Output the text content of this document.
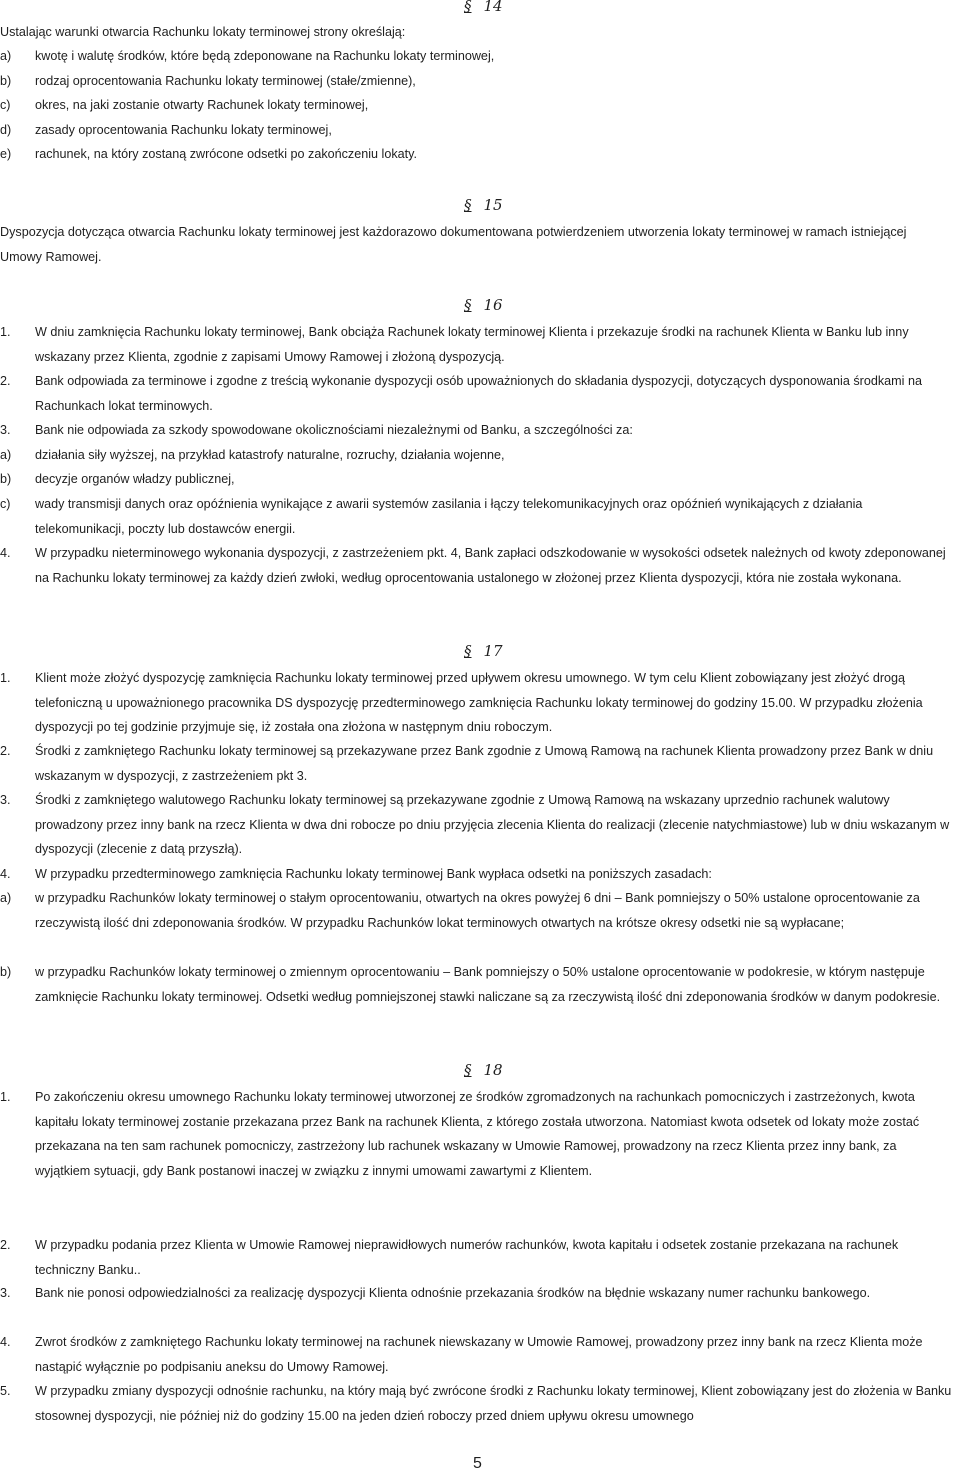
§ 14
Ustalając warunki otwarcia Rachunku lokaty terminowej strony określają:
a)	kwotę i walutę środków, które będą zdeponowane na Rachunku lokaty terminowej,
b)	rodzaj oprocentowania Rachunku lokaty terminowej (stałe/zmienne),
c)	okres, na jaki zostanie otwarty Rachunek lokaty terminowej,
d)	zasady oprocentowania Rachunku lokaty terminowej,
e)	rachunek, na który zostaną zwrócone odsetki po zakończeniu lokaty.
§ 15
Dyspozycja dotycząca otwarcia Rachunku lokaty terminowej jest każdorazowo dokumentowana potwierdzeniem utworzenia lokaty terminowej w ramach istniejącej Umowy Ramowej.
§ 16
1.	W dniu zamknięcia Rachunku lokaty terminowej, Bank obciąża Rachunek lokaty terminowej Klienta i przekazuje środki na rachunek Klienta w Banku lub inny wskazany przez Klienta, zgodnie z zapisami Umowy Ramowej i złożoną dyspozycją.
2.	Bank odpowiada za terminowe i zgodne z treścią wykonanie dyspozycji osób upoważnionych do składania dyspozycji, dotyczących dysponowania środkami na Rachunkach lokat terminowych.
3.	Bank nie odpowiada za szkody spowodowane okolicznościami niezależnymi od Banku, a szczególności za:
a)	działania siły wyższej, na przykład katastrofy naturalne, rozruchy, działania wojenne,
b)	decyzje organów władzy publicznej,
c)	wady transmisji danych oraz opóźnienia wynikające z awarii systemów zasilania i łączy telekomunikacyjnych oraz opóźnień wynikających z działania telekomunikacji, poczty lub dostawców energii.
4.	W przypadku nieterminowego wykonania dyspozycji, z zastrzeżeniem pkt. 4, Bank zapłaci odszkodowanie w wysokości odsetek należnych od kwoty zdeponowanej na Rachunku lokaty terminowej za każdy dzień zwłoki, według oprocentowania ustalonego w złożonej przez Klienta dyspozycji, która nie została wykonana.
§ 17
1.	Klient może złożyć dyspozycję zamknięcia Rachunku lokaty terminowej przed upływem okresu umownego. W tym celu Klient zobowiązany jest złożyć drogą telefoniczną u upoważnionego pracownika DS dyspozycję przedterminowego zamknięcia Rachunku lokaty terminowej do godziny 15.00. W przypadku złożenia dyspozycji po tej godzinie przyjmuje się, iż została ona złożona w następnym dniu roboczym.
2.	Środki z zamkniętego Rachunku lokaty terminowej są przekazywane przez Bank zgodnie z Umową Ramową na rachunek Klienta prowadzony przez Bank w dniu wskazanym w dyspozycji, z zastrzeżeniem pkt 3.
3.	Środki z zamkniętego walutowego Rachunku lokaty terminowej są przekazywane zgodnie z Umową Ramową na wskazany uprzednio rachunek walutowy prowadzony przez inny bank na rzecz Klienta w dwa dni robocze po dniu przyjęcia zlecenia Klienta do realizacji (zlecenie natychmiastowe) lub w dniu wskazanym w dyspozycji (zlecenie z datą przyszłą).
4.	W przypadku przedterminowego zamknięcia Rachunku lokaty terminowej Bank wypłaca odsetki na poniższych zasadach:
a)	w przypadku Rachunków lokaty terminowej o stałym oprocentowaniu, otwartych na okres powyżej 6 dni – Bank pomniejszy o 50% ustalone oprocentowanie za rzeczywistą ilość dni zdeponowania środków. W przypadku Rachunków lokat terminowych otwartych na krótsze okresy odsetki nie są wypłacane;
b)	w przypadku Rachunków lokaty terminowej o zmiennym oprocentowaniu – Bank pomniejszy o 50% ustalone oprocentowanie w podokresie, w którym następuje zamknięcie Rachunku lokaty terminowej. Odsetki według pomniejszonej stawki naliczane są za rzeczywistą ilość dni zdeponowania środków w danym podokresie.
§ 18
1.	Po zakończeniu okresu umownego Rachunku lokaty terminowej utworzonej ze środków zgromadzonych na rachunkach pomocniczych i zastrzeżonych, kwota kapitału lokaty terminowej zostanie przekazana przez Bank na rachunek Klienta, z którego została utworzona. Natomiast kwota odsetek od lokaty może zostać przekazana na ten sam rachunek pomocniczy, zastrzeżony lub rachunek wskazany w Umowie Ramowej, prowadzony na rzecz Klienta przez inny bank, za wyjątkiem sytuacji, gdy Bank postanowi inaczej w związku z innymi umowami zawartymi z Klientem.
2.	W przypadku podania przez Klienta w Umowie Ramowej nieprawidłowych numerów rachunków, kwota kapitału i odsetek zostanie przekazana na rachunek techniczny Banku..
3.	Bank nie ponosi odpowiedzialności za realizację dyspozycji Klienta odnośnie przekazania środków na błędnie wskazany numer rachunku bankowego.
4.	Zwrot środków z zamkniętego Rachunku lokaty terminowej na rachunek niewskazany w Umowie Ramowej, prowadzony przez inny bank na rzecz Klienta może nastąpić wyłącznie po podpisaniu aneksu do Umowy Ramowej.
5.	W przypadku zmiany dyspozycji odnośnie rachunku, na który mają być zwrócone środki z Rachunku lokaty terminowej, Klient zobowiązany jest do złożenia w Banku stosownej dyspozycji, nie później niż do godziny 15.00 na jeden dzień roboczy przed dniem upływu okresu umownego
5
